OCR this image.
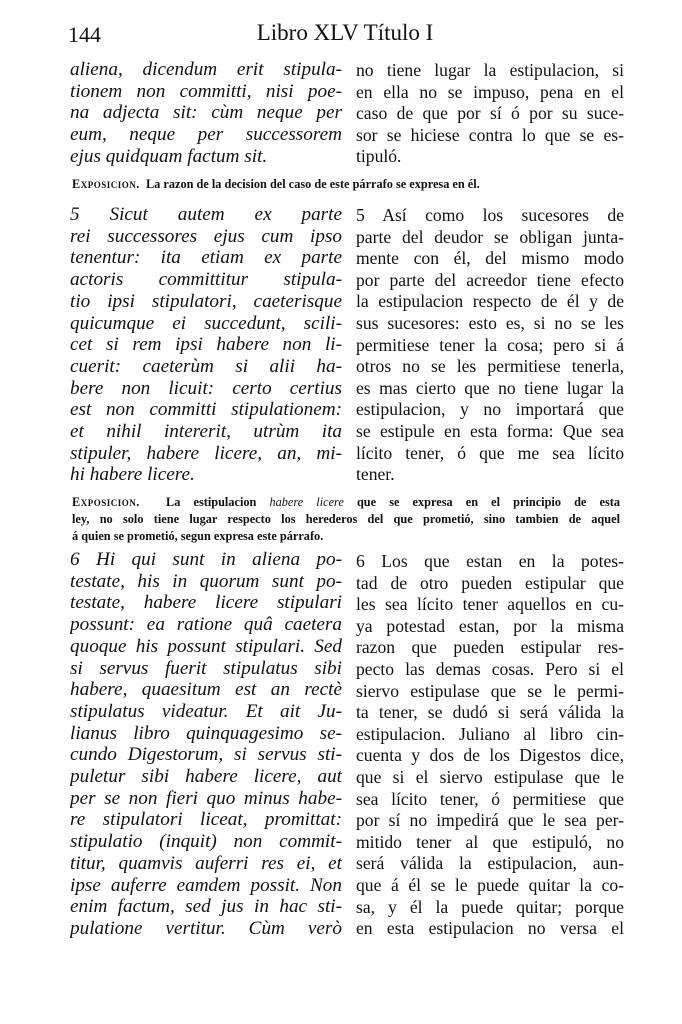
144	Libro XLV Título I
aliena, dicendum erit stipula-
tionem non committi, nisi poe-
na adjecta sit: cùm neque per
eum, neque per successorem
ejus quidquam factum sit.
no tiene lugar la estipulacion, si
en ella no se impuso, pena en el
caso de que por sí ó por su suce-
sor se hiciese contra lo que se es-
tipuló.
Exposicion. La razon de la decision del caso de este párrafo se expresa en él.
5 Sicut autem ex parte
rei successores ejus cum ipso
tenentur: ita etiam ex parte
actoris committitur stipula-
tio ipsi stipulatori, caeterisque
quicumque ei succedunt, scili-
cet si rem ipsi habere non li-
cuerit: caeterùm si alii ha-
bere non licuit: certo certius
est non committi stipulationem:
et nihil intererit, utrùm ita
stipuler, habere licere, an, mi-
hi habere licere.
5 Así como los sucesores de
parte del deudor se obligan junta-
mente con él, del mismo modo
por parte del acreedor tiene efecto
la estipulacion respecto de él y de
sus sucesores: esto es, si no se les
permitiese tener la cosa; pero si á
otros no se les permitiese tenerla,
es mas cierto que no tiene lugar la
estipulacion, y no importará que
se estipule en esta forma: Que sea
lícito tener, ó que me sea lícito
tener.
Exposicion. La estipulacion habere licere que se expresa en el principio de esta
ley, no solo tiene lugar respecto los herederos del que prometió, sino tambien de aquel
á quien se prometió, segun expresa este párrafo.
6 Hi qui sunt in aliena po-
testate, his in quorum sunt po-
testate, habere licere stipulari
possunt: ea ratione quâ caetera
quoque his possunt stipulari. Sed
si servus fuerit stipulatus sibi
habere, quaesitum est an rectè
stipulatus videatur. Et ait Ju-
lianus libro quinquagesimo se-
cundo Digestorum, si servus sti-
puletur sibi habere licere, aut
per se non fieri quo minus habe-
re stipulatori liceat, promittat:
stipulatio (inquit) non commit-
titur, quamvis auferri res ei, et
ipse auferre eamdem possit. Non
enim factum, sed jus in hac sti-
pulatione vertitur. Cùm verò
6 Los que estan en la potes-
tad de otro pueden estipular que
les sea lícito tener aquellos en cu-
ya potestad estan, por la misma
razon que pueden estipular res-
pecto las demas cosas. Pero si el
siervo estipulase que se le permi-
ta tener, se dudó si será válida la
estipulacion. Juliano al libro cin-
cuenta y dos de los Digestos dice,
que si el siervo estipulase que le
sea lícito tener, ó permitiese que
por sí no impedirá que le sea per-
mitido tener al que estipuló, no
será válida la estipulacion, aun-
que á él se le puede quitar la co-
sa, y él la puede quitar; porque
en esta estipulacion no versa el
